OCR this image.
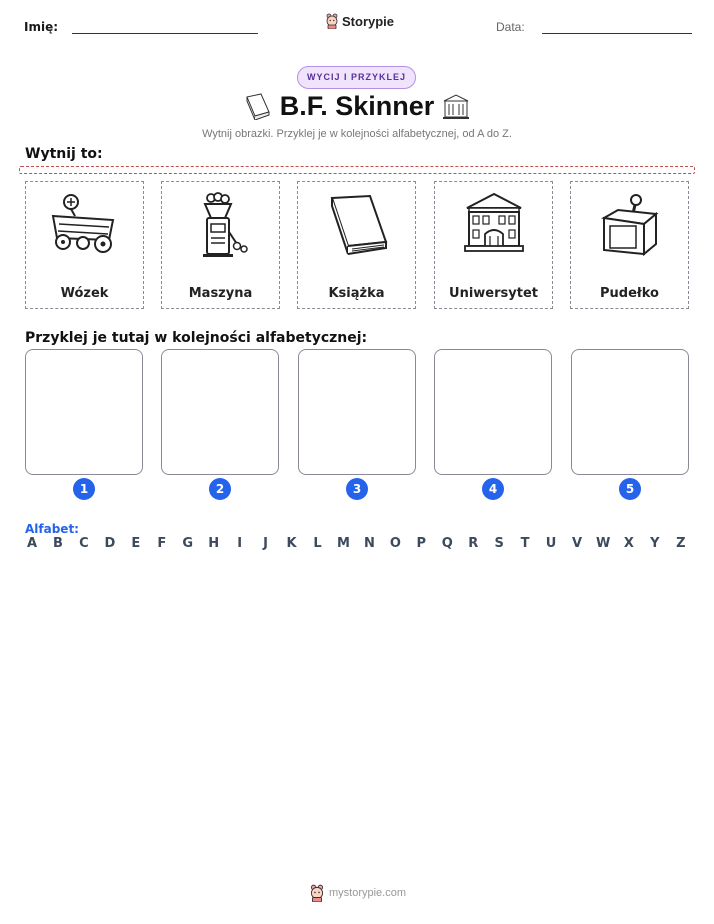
Imię:	Storypie	Data:
WYCIJ I PRZYKLEJ
B.F. Skinner
Wytnij obrazki. Przyklej je w kolejności alfabetycznej, od A do Z.
Wytnij to:
Wózek	Maszyna	Książka	Uniwersytet	Pudełko
Przyklej je tutaj w kolejności alfabetycznej:
1	2	3	4	5
Alfabet:
A B C D E F G H	I	J	K L M N O P Q R S T U V W X Y Z
mystorypie.com
